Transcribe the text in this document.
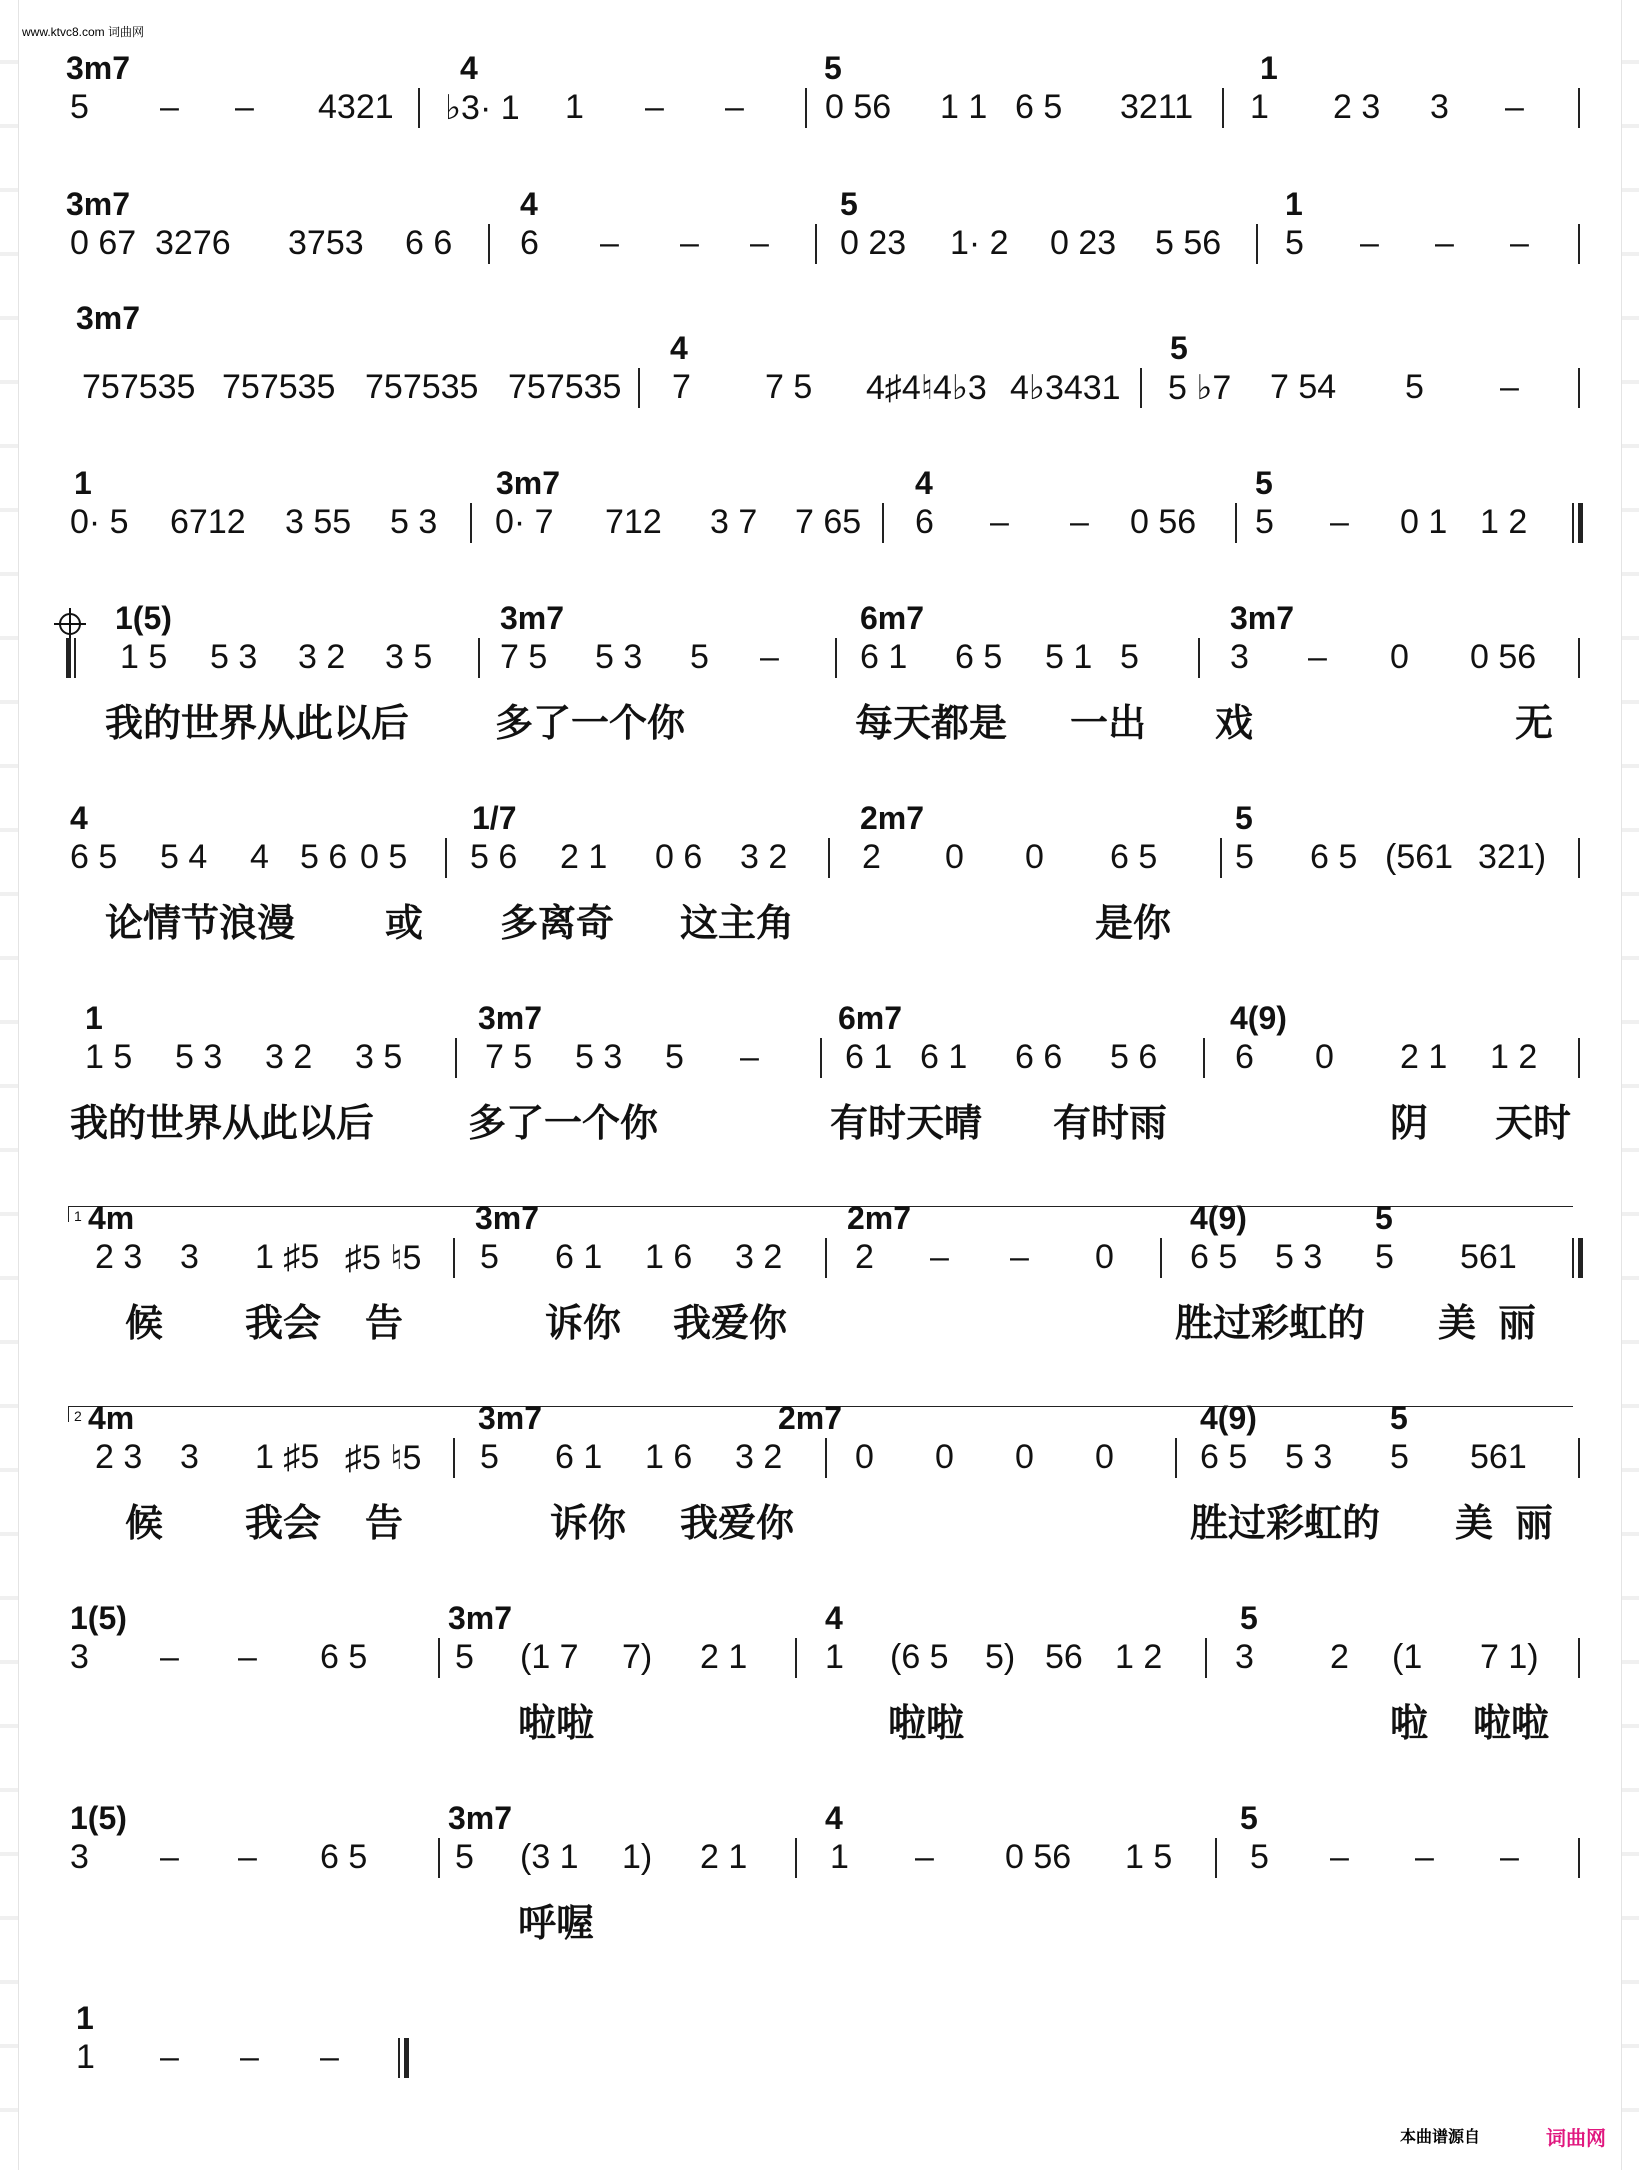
www.ktvc8.com 词曲网
3m7	4	5	1
5 – – 4321 ♭3· 1 1 – – 0 56 1 1 6 5 3211 1 2 3 3 –
3m7	4	5	1
0 67 3276 3753 6 6 6 – – – 0 23 1· 2 0 23 5 56 5 – – –
3m7
4	5
757535 757535 757535 757535 7 7 5 4♯4♮4♭3 4♭3431 5 ♭7 7 54 5 –
1	3m7	4	5
0· 5 6712 3 55 5 3 0· 7 712 3 7 7 65 6 – – 0 56 5 – 0 1 1 2
1(5)	3m7	6m7	3m7
1 5 5 3 3 2 3 5 7 5 5 3 5 – 6 1 6 5 5 1 5	3 – 0 0 56
我的世界从此以后 多了一个你	每天都是 一出 戏	无
4	1/7	2m7	5
6 5 5 4 4 5 6 0 5 5 6 2 1 0 6 3 2 2 0 0 6 5 5 6 5 (561 321)
论情节浪漫 或 多离奇 这主角	是你
1	3m7	6m7	4(9)
1 5 5 3 3 2 3 5 7 5 5 3 5 –	6 1 6 1 6 6 5 6 6 0 2 1 1 2
我的世界从此以后 多了一个你	有时天晴 有时雨	阴 天时
1 4m	3m7	2m7	4(9)	5
2 3 3 1 ♯5 ♯5 ♮5 5 6 1 1 6 3 2 2 – – 0 6 5 5 3 5 561
候 我会 告	诉你 我爱你	胜过彩虹的 美 丽
2 4m	3m7	2m7	4(9)	5
2 3 3 1 ♯5 ♯5 ♮5 5 6 1 1 6 3 2 0 0 0 0	6 5 5 3 5 561
候 我会 告	诉你 我爱你	胜过彩虹的 美 丽
1(5)	3m7	4	5
3 – – 6 5	5 (1 7 7) 2 1 1 (6 5 5) 56 1 2 3 2 (1 7 1)
啦啦	啦啦	啦 啦啦
1(5)	3m7	4	5
3 – – 6 5	5 (3 1 1) 2 1 1 – 0 56 1 5 5 – – –
呼喔
1
1 – – –
本曲谱源自	词曲网
